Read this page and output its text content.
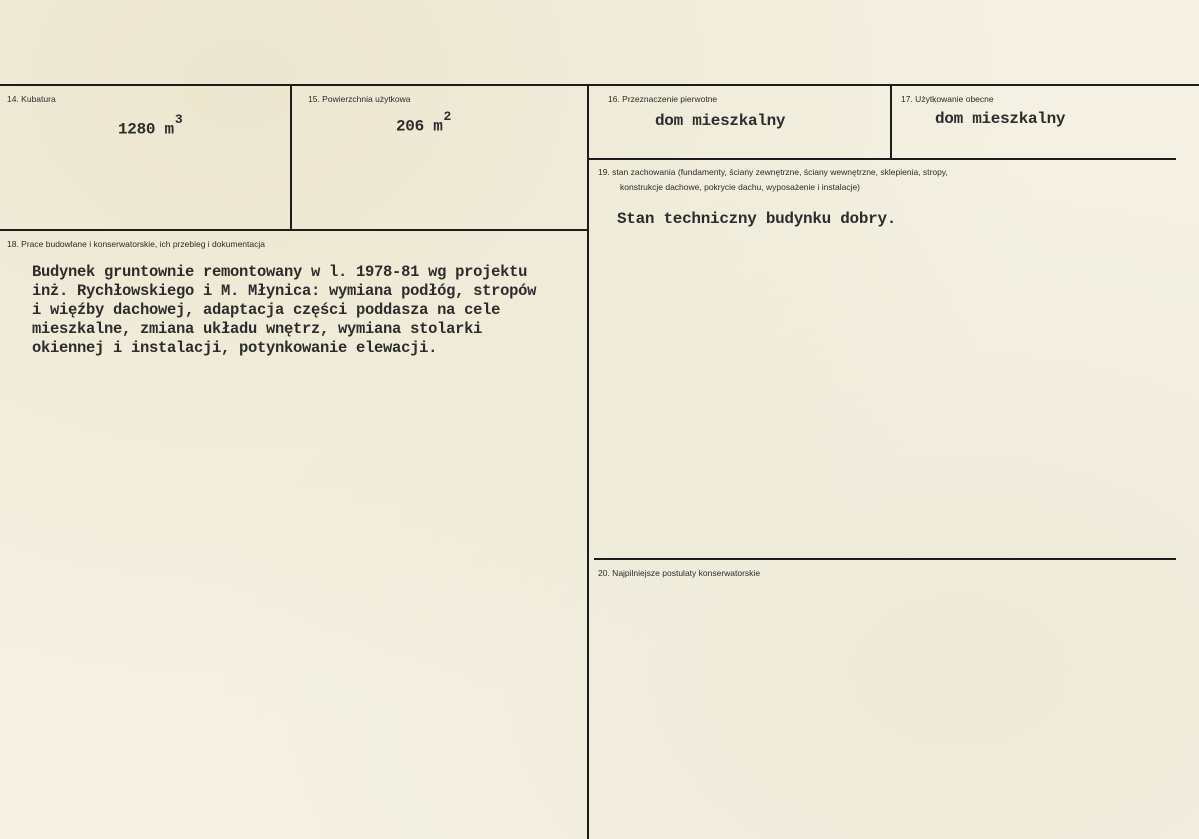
14. Kubatura
1280 $m^3$
15. Powierzchnia użytkowa
206 $m^2$
16. Przeznaczenie pierwotne
dom mieszkalny
17. Użytkowanie obecne
dom mieszkalny
18. Prace budowlane i konserwatorskie, ich przebieg i dokumentacja
Budynek gruntownie remontowany w l. 1978-81 wg projektu
inż. Rychłowskiego i M. Młynica: wymiana podłóg, stropów
i więźby dachowej, adaptacja części poddasza na cele
mieszkalne, zmiana układu wnętrz, wymiana stolarki
okiennej i instalacji, potynkowanie elewacji.
19. stan zachowania (fundamenty, ściany zewnętrzne, ściany wewnętrzne, sklepienia, stropy,
konstrukcje dachowe, pokrycie dachu, wyposażenie i instalacje)
Stan techniczny budynku dobry.
20. Najpilniejsze postulaty konserwatorskie
